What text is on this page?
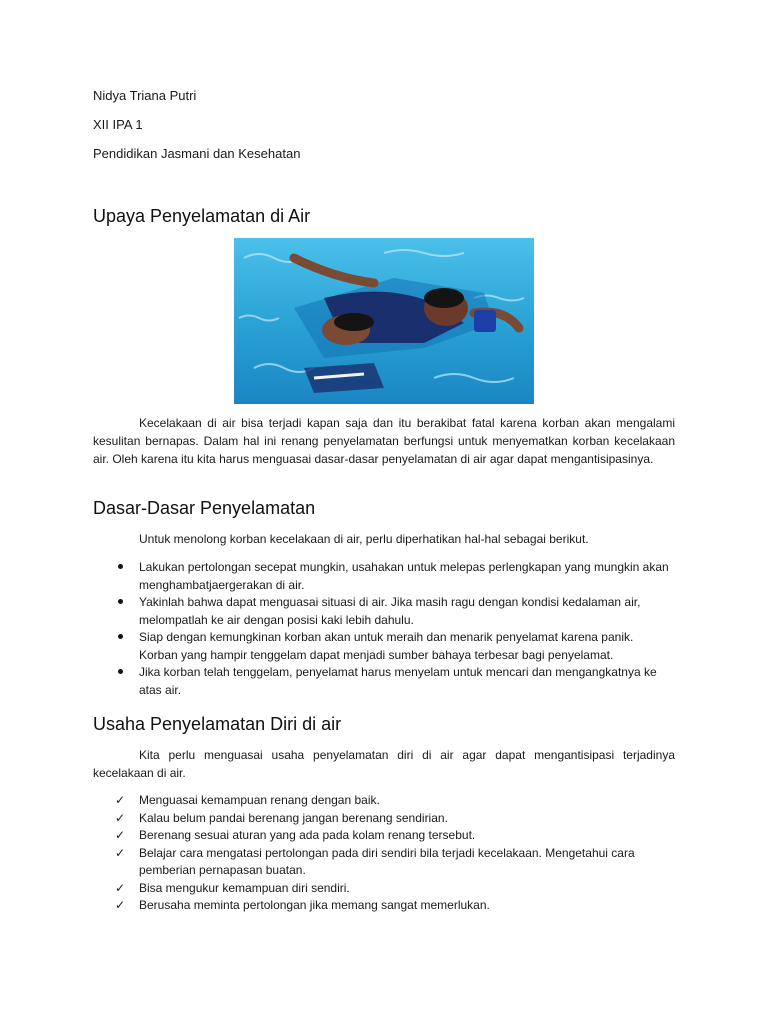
Nidya Triana Putri
XII IPA 1
Pendidikan Jasmani dan Kesehatan
Upaya Penyelamatan di Air

Kecelakaan di air bisa terjadi kapan saja dan itu berakibat fatal karena korban akan mengalami kesulitan bernapas. Dalam hal ini renang penyelamatan berfungsi untuk menyematkan korban kecelakaan air. Oleh karena itu kita harus menguasai dasar-dasar penyelamatan di air agar dapat mengantisipasinya.

Dasar-Dasar Penyelamatan

Untuk menolong korban kecelakaan di air, perlu diperhatikan hal-hal sebagai berikut.

Lakukan pertolongan secepat mungkin, usahakan untuk melepas perlengkapan yang mungkin akan menghambatjaergerakan di air.
Yakinlah bahwa dapat menguasai situasi di air. Jika masih ragu dengan kondisi kedalaman air, melompatlah ke air dengan posisi kaki lebih dahulu.
Siap dengan kemungkinan korban akan untuk meraih dan menarik penyelamat karena panik. Korban yang hampir tenggelam dapat menjadi sumber bahaya terbesar bagi penyelamat.
Jika korban telah tenggelam, penyelamat harus menyelam untuk mencari dan mengangkatnya ke atas air.
Usaha Penyelamatan Diri di air

Kita perlu menguasai usaha penyelamatan diri di air agar dapat mengantisipasi terjadinya kecelakaan di air.

✓ Menguasai kemampuan renang dengan baik.
✓ Kalau belum pandai berenang jangan berenang sendirian.
✓ Berenang sesuai aturan yang ada pada kolam renang tersebut.
✓ Belajar cara mengatasi pertolongan pada diri sendiri bila terjadi kecelakaan. Mengetahui cara pemberian pernapasan buatan.
✓ Bisa mengukur kemampuan diri sendiri.
✓ Berusaha meminta pertolongan jika memang sangat memerlukan.
